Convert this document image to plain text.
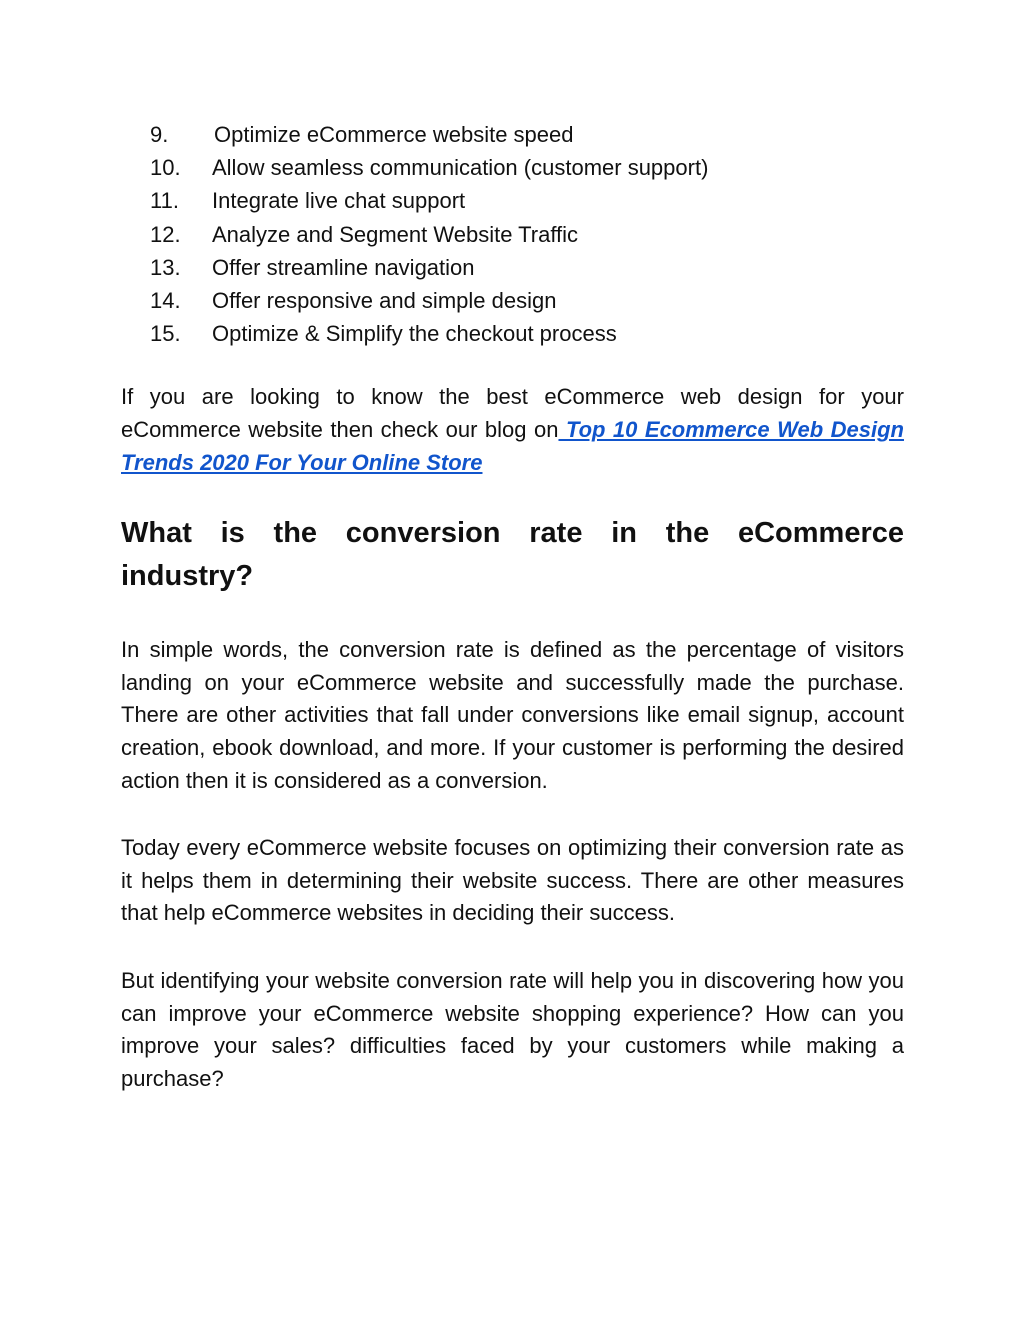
9.	Optimize eCommerce website speed
10.	Allow seamless communication (customer support)
11.	Integrate live chat support
12.	Analyze and Segment Website Traffic
13.	Offer streamline navigation
14.	Offer responsive and simple design
15.	Optimize & Simplify the checkout process

If you are looking to know the best eCommerce web design for your eCommerce website then check our blog on Top 10 Ecommerce Web Design Trends 2020 For Your Online Store

What is the conversion rate in the eCommerce
industry?

In simple words, the conversion rate is defined as the percentage of visitors landing on your eCommerce website and successfully made the purchase. There are other activities that fall under conversions like email signup, account creation, ebook download, and more. If your customer is performing the desired action then it is considered as a conversion.

Today every eCommerce website focuses on optimizing their conversion rate as it helps them in determining their website success. There are other measures that help eCommerce websites in deciding their success.

But identifying your website conversion rate will help you in discovering how you can improve your eCommerce website shopping experience? How can you improve your sales? difficulties faced by your customers while making a purchase?
